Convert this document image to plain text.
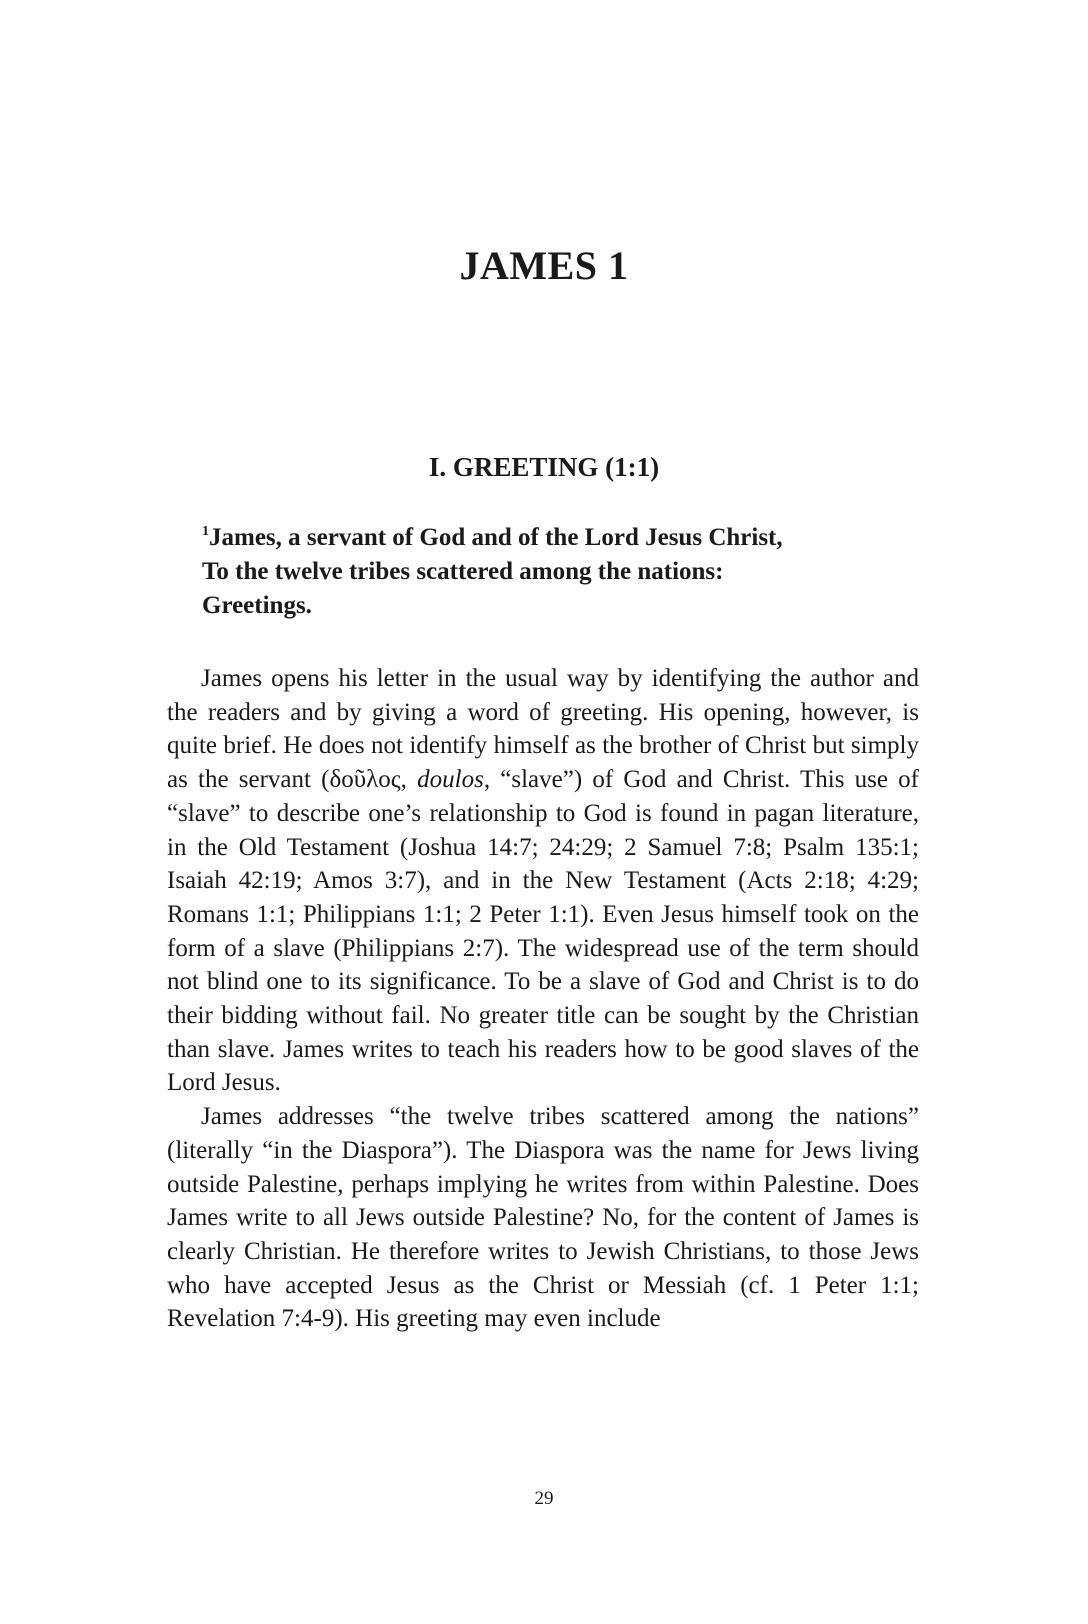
JAMES 1
I. GREETING (1:1)
$^1$James, a servant of God and of the Lord Jesus Christ,
To the twelve tribes scattered among the nations:
Greetings.

James opens his letter in the usual way by identifying the author and the readers and by giving a word of greeting. His opening, however, is quite brief. He does not identify himself as the brother of Christ but simply as the servant (δοῦλος, doulos, “slave”) of God and Christ. This use of “slave” to describe one’s relationship to God is found in pagan literature, in the Old Testament (Joshua 14:7; 24:29; 2 Samuel 7:8; Psalm 135:1; Isaiah 42:19; Amos 3:7), and in the New Testament (Acts 2:18; 4:29; Romans 1:1; Philippians 1:1; 2 Peter 1:1). Even Jesus himself took on the form of a slave (Philippians 2:7). The widespread use of the term should not blind one to its significance. To be a slave of God and Christ is to do their bidding without fail. No greater title can be sought by the Christian than slave. James writes to teach his readers how to be good slaves of the Lord Jesus.

James addresses “the twelve tribes scattered among the nations” (literally “in the Diaspora”). The Diaspora was the name for Jews living outside Palestine, perhaps implying he writes from within Palestine. Does James write to all Jews outside Palestine? No, for the content of James is clearly Christian. He therefore writes to Jewish Christians, to those Jews who have accepted Jesus as the Christ or Messiah (cf. 1 Peter 1:1; Revelation 7:4-9). His greeting may even include

29
